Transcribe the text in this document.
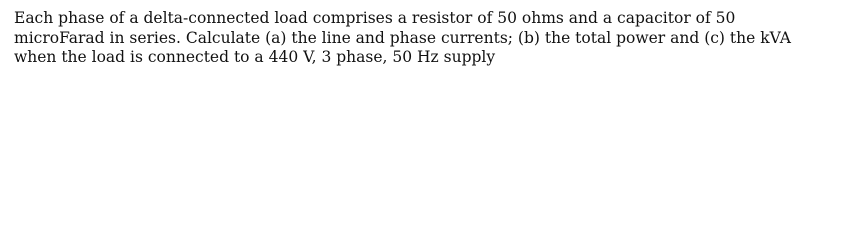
Each phase of a delta-connected load comprises a resistor of 50 ohms and a capacitor of 50
microFarad in series. Calculate (a) the line and phase currents; (b) the total power and (c) the kVA
when the load is connected to a 440 V, 3 phase, 50 Hz supply
